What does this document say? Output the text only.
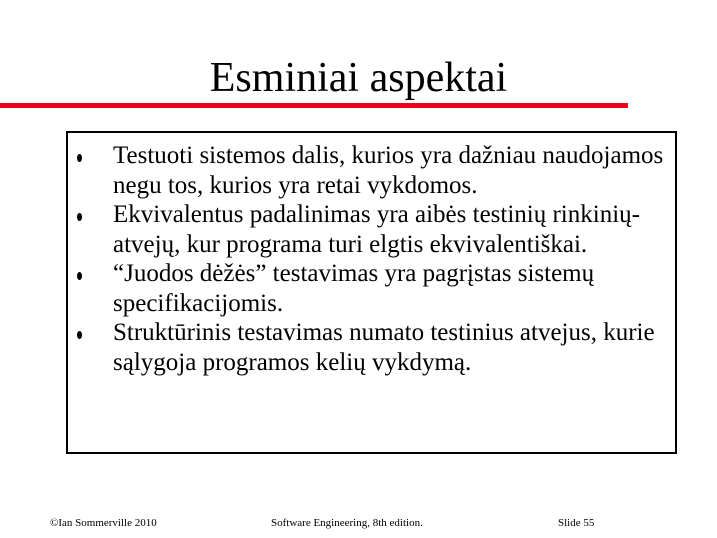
Esminiai aspektai
Testuoti sistemos dalis, kurios yra dažniau naudojamos negu tos, kurios yra retai vykdomos.
Ekvivalentus padalinimas yra aibės testinių rinkinių-atvejų, kur programa turi elgtis ekvivalentiškai.
“Juodos dėžės” testavimas yra pagrįstas sistemų specifikacijomis.
Struktūrinis testavimas numato testinius atvejus, kurie sąlygoja programos kelių vykdymą.
©Ian Sommerville 2010	Software Engineering, 8th edition.	Slide 55
